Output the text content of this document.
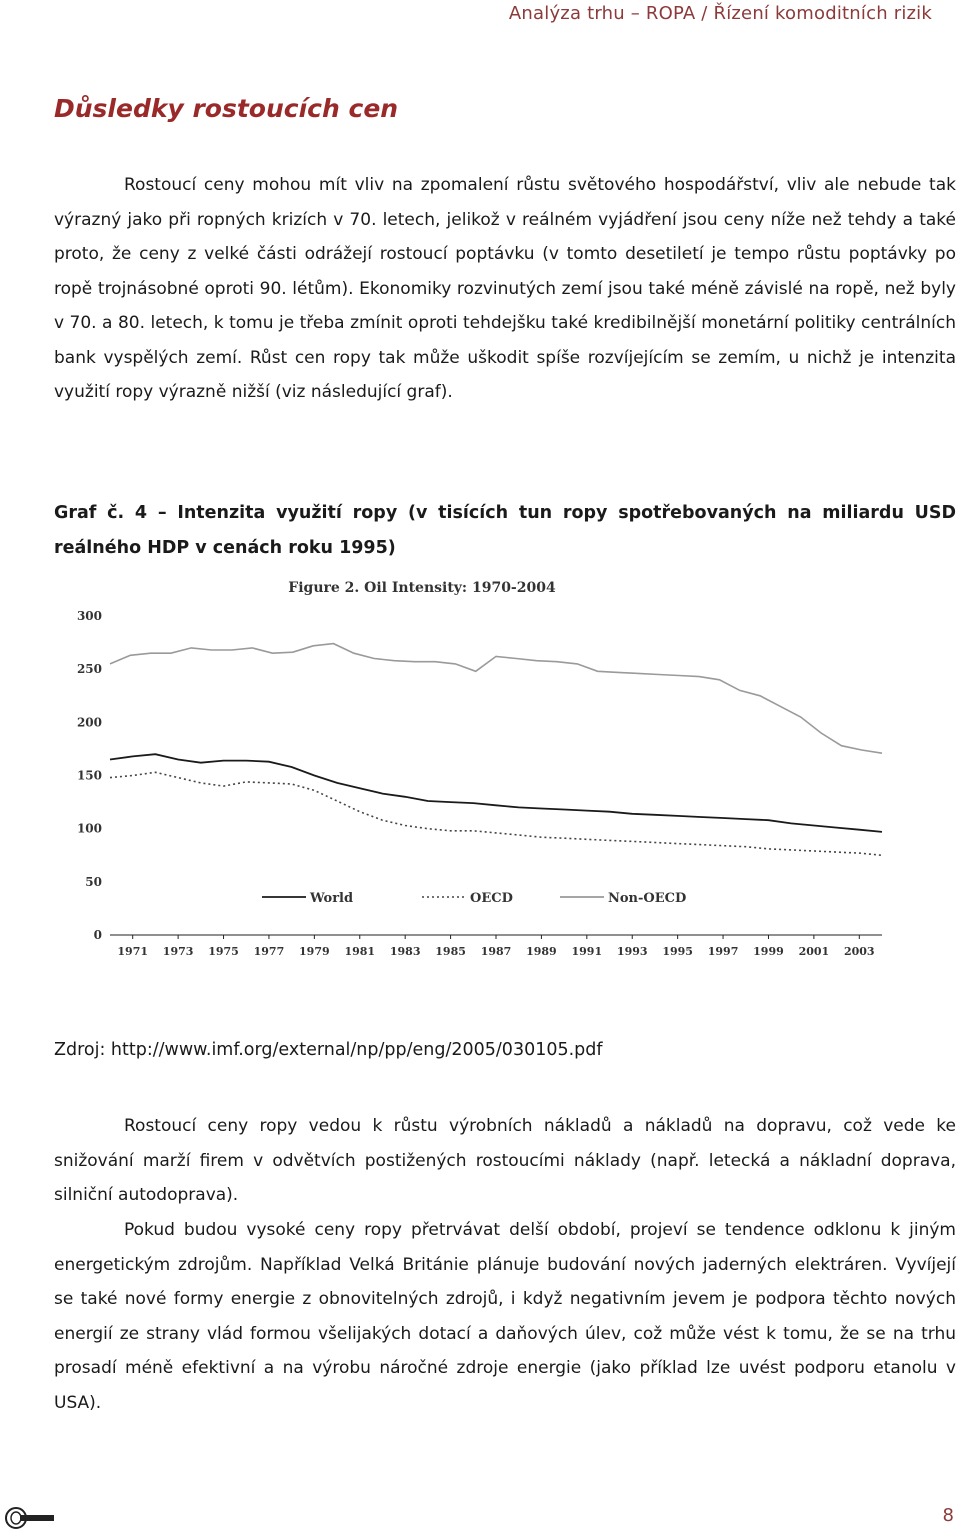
Analýza trhu – ROPA / Řízení komoditních rizik
Důsledky rostoucích cen

Rostoucí ceny mohou mít vliv na zpomalení růstu světového hospodářství, vliv ale nebude tak výrazný jako při ropných krizích v 70. letech, jelikož v reálném vyjádření jsou ceny níže než tehdy a také proto, že ceny z velké části odrážejí rostoucí poptávku (v tomto desetiletí je tempo růstu poptávky po ropě trojnásobné oproti 90. létům). Ekonomiky rozvinutých zemí jsou také méně závislé na ropě, než byly v 70. a 80. letech, k tomu je třeba zmínit oproti tehdejšku také kredibilnější monetární politiky centrálních bank vyspělých zemí. Růst cen ropy tak může uškodit spíše rozvíjejícím se zemím, u nichž je intenzita využití ropy výrazně nižší (viz následující graf).

Graf č. 4 – Intenzita využití ropy (v tisících tun ropy spotřebovaných na miliardu USD reálného HDP v cenách roku 1995)

Figure 2. Oil Intensity: 1970-2004
0
50
100
150
200
250
300
1971 1973 1975 1977 1979 1981 1983 1985 1987 1989 1991 1993 1995 1997 1999 2001 2003
World	OECD	Non-OECD
Zdroj: http://www.imf.org/external/np/pp/eng/2005/030105.pdf

Rostoucí ceny ropy vedou k růstu výrobních nákladů a nákladů na dopravu, což vede ke snižování marží firem v odvětvích postižených rostoucími náklady (např. letecká a nákladní doprava, silniční autodoprava).

Pokud budou vysoké ceny ropy přetrvávat delší období, projeví se tendence odklonu k jiným energetickým zdrojům. Například Velká Británie plánuje budování nových jaderných elektráren. Vyvíjejí se také nové formy energie z obnovitelných zdrojů, i když negativním jevem je podpora těchto nových energií ze strany vlád formou všelijakých dotací a daňových úlev, což může vést k tomu, že se na trhu prosadí méně efektivní a na výrobu náročné zdroje energie (jako příklad lze uvést podporu etanolu v USA).

8
